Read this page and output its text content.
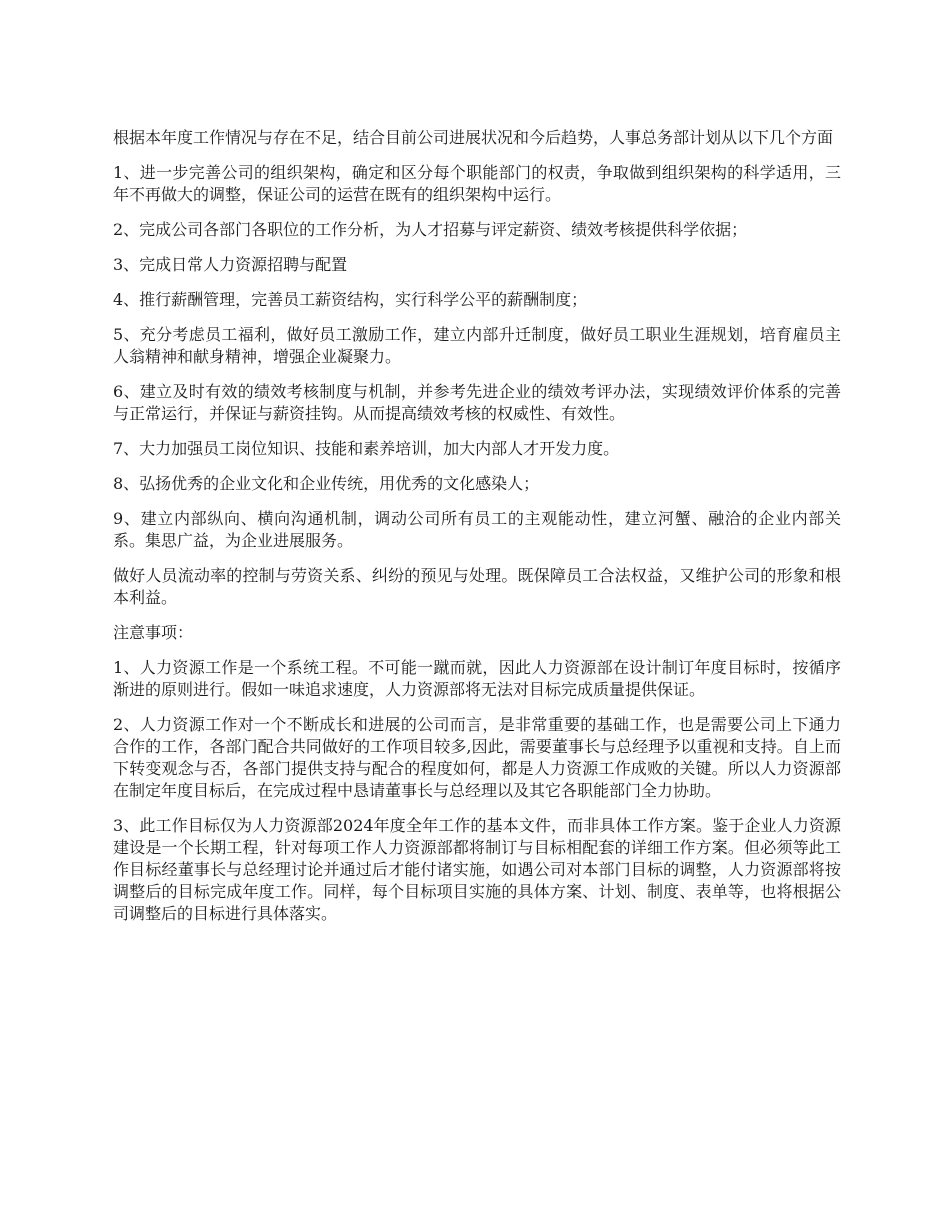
根据本年度工作情况与存在不足，结合目前公司进展状况和今后趋势，人事总务部计划从以下几个方面

1、进一步完善公司的组织架构，确定和区分每个职能部门的权责，争取做到组织架构的科学适用，三年不再做大的调整，保证公司的运营在既有的组织架构中运行。

2、完成公司各部门各职位的工作分析，为人才招募与评定薪资、绩效考核提供科学依据；

3、完成日常人力资源招聘与配置

4、推行薪酬管理，完善员工薪资结构，实行科学公平的薪酬制度；

5、充分考虑员工福利，做好员工激励工作，建立内部升迁制度，做好员工职业生涯规划，培育雇员主人翁精神和献身精神，增强企业凝聚力。

6、建立及时有效的绩效考核制度与机制，并参考先进企业的绩效考评办法，实现绩效评价体系的完善与正常运行，并保证与薪资挂钩。从而提高绩效考核的权威性、有效性。

7、大力加强员工岗位知识、技能和素养培训，加大内部人才开发力度。

8、弘扬优秀的企业文化和企业传统，用优秀的文化感染人；

9、建立内部纵向、横向沟通机制，调动公司所有员工的主观能动性，建立河蟹、融洽的企业内部关系。集思广益，为企业进展服务。

做好人员流动率的控制与劳资关系、纠纷的预见与处理。既保障员工合法权益，又维护公司的形象和根本利益。

注意事项：

1、人力资源工作是一个系统工程。不可能一蹴而就，因此人力资源部在设计制订年度目标时，按循序渐进的原则进行。假如一味追求速度，人力资源部将无法对目标完成质量提供保证。

2、人力资源工作对一个不断成长和进展的公司而言，是非常重要的基础工作，也是需要公司上下通力合作的工作，各部门配合共同做好的工作项目较多,因此，需要董事长与总经理予以重视和支持。自上而下转变观念与否，各部门提供支持与配合的程度如何，都是人力资源工作成败的关键。所以人力资源部在制定年度目标后，在完成过程中恳请董事长与总经理以及其它各职能部门全力协助。

3、此工作目标仅为人力资源部2024年度全年工作的基本文件，而非具体工作方案。鉴于企业人力资源建设是一个长期工程，针对每项工作人力资源部都将制订与目标相配套的详细工作方案。但必须等此工作目标经董事长与总经理讨论并通过后才能付诸实施，如遇公司对本部门目标的调整，人力资源部将按调整后的目标完成年度工作。同样，每个目标项目实施的具体方案、计划、制度、表单等，也将根据公司调整后的目标进行具体落实。
